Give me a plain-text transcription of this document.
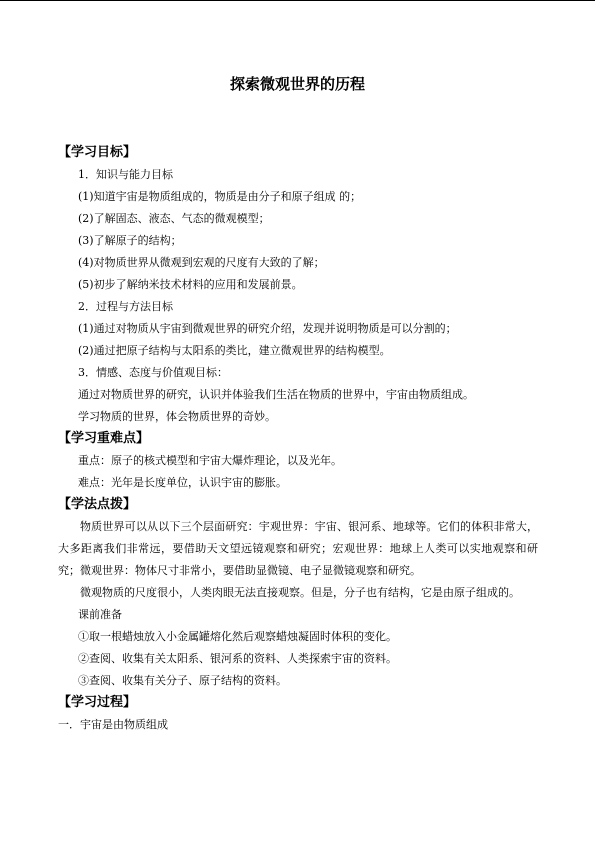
探索微观世界的历程
【学习目标】
1．知识与能力目标
(1)知道宇宙是物质组成的，物质是由分子和原子组成 的；
(2)了解固态、液态、气态的微观模型；
(3)了解原子的结构；
(4)对物质世界从微观到宏观的尺度有大致的了解；
(5)初步了解纳米技术材料的应用和发展前景。
2．过程与方法目标
(1)通过对物质从宇宙到微观世界的研究介绍，发现并说明物质是可以分割的；
(2)通过把原子结构与太阳系的类比，建立微观世界的结构模型。
3．情感、态度与价值观目标：
通过对物质世界的研究，认识并体验我们生活在物质的世界中，宇宙由物质组成。
学习物质的世界，体会物质世界的奇妙。
【学习重难点】
重点：原子的核式模型和宇宙大爆炸理论，以及光年。
难点：光年是长度单位，认识宇宙的膨胀。
【学法点拨】
物质世界可以从以下三个层面研究：宇观世界：宇宙、银河系、地球等。它们的体积非常大，大多距离我们非常远，要借助天文望远镜观察和研究；宏观世界：地球上人类可以实地观察和研究；微观世界：物体尺寸非常小，要借助显微镜、电子显微镜观察和研究。
微观物质的尺度很小，人类肉眼无法直接观察。但是，分子也有结构，它是由原子组成的。
课前准备
①取一根蜡烛放入小金属罐熔化然后观察蜡烛凝固时体积的变化。
②查阅、收集有关太阳系、银河系的资料、人类探索宇宙的资料。
③查阅、收集有关分子、原子结构的资料。
【学习过程】
一．宇宙是由物质组成
